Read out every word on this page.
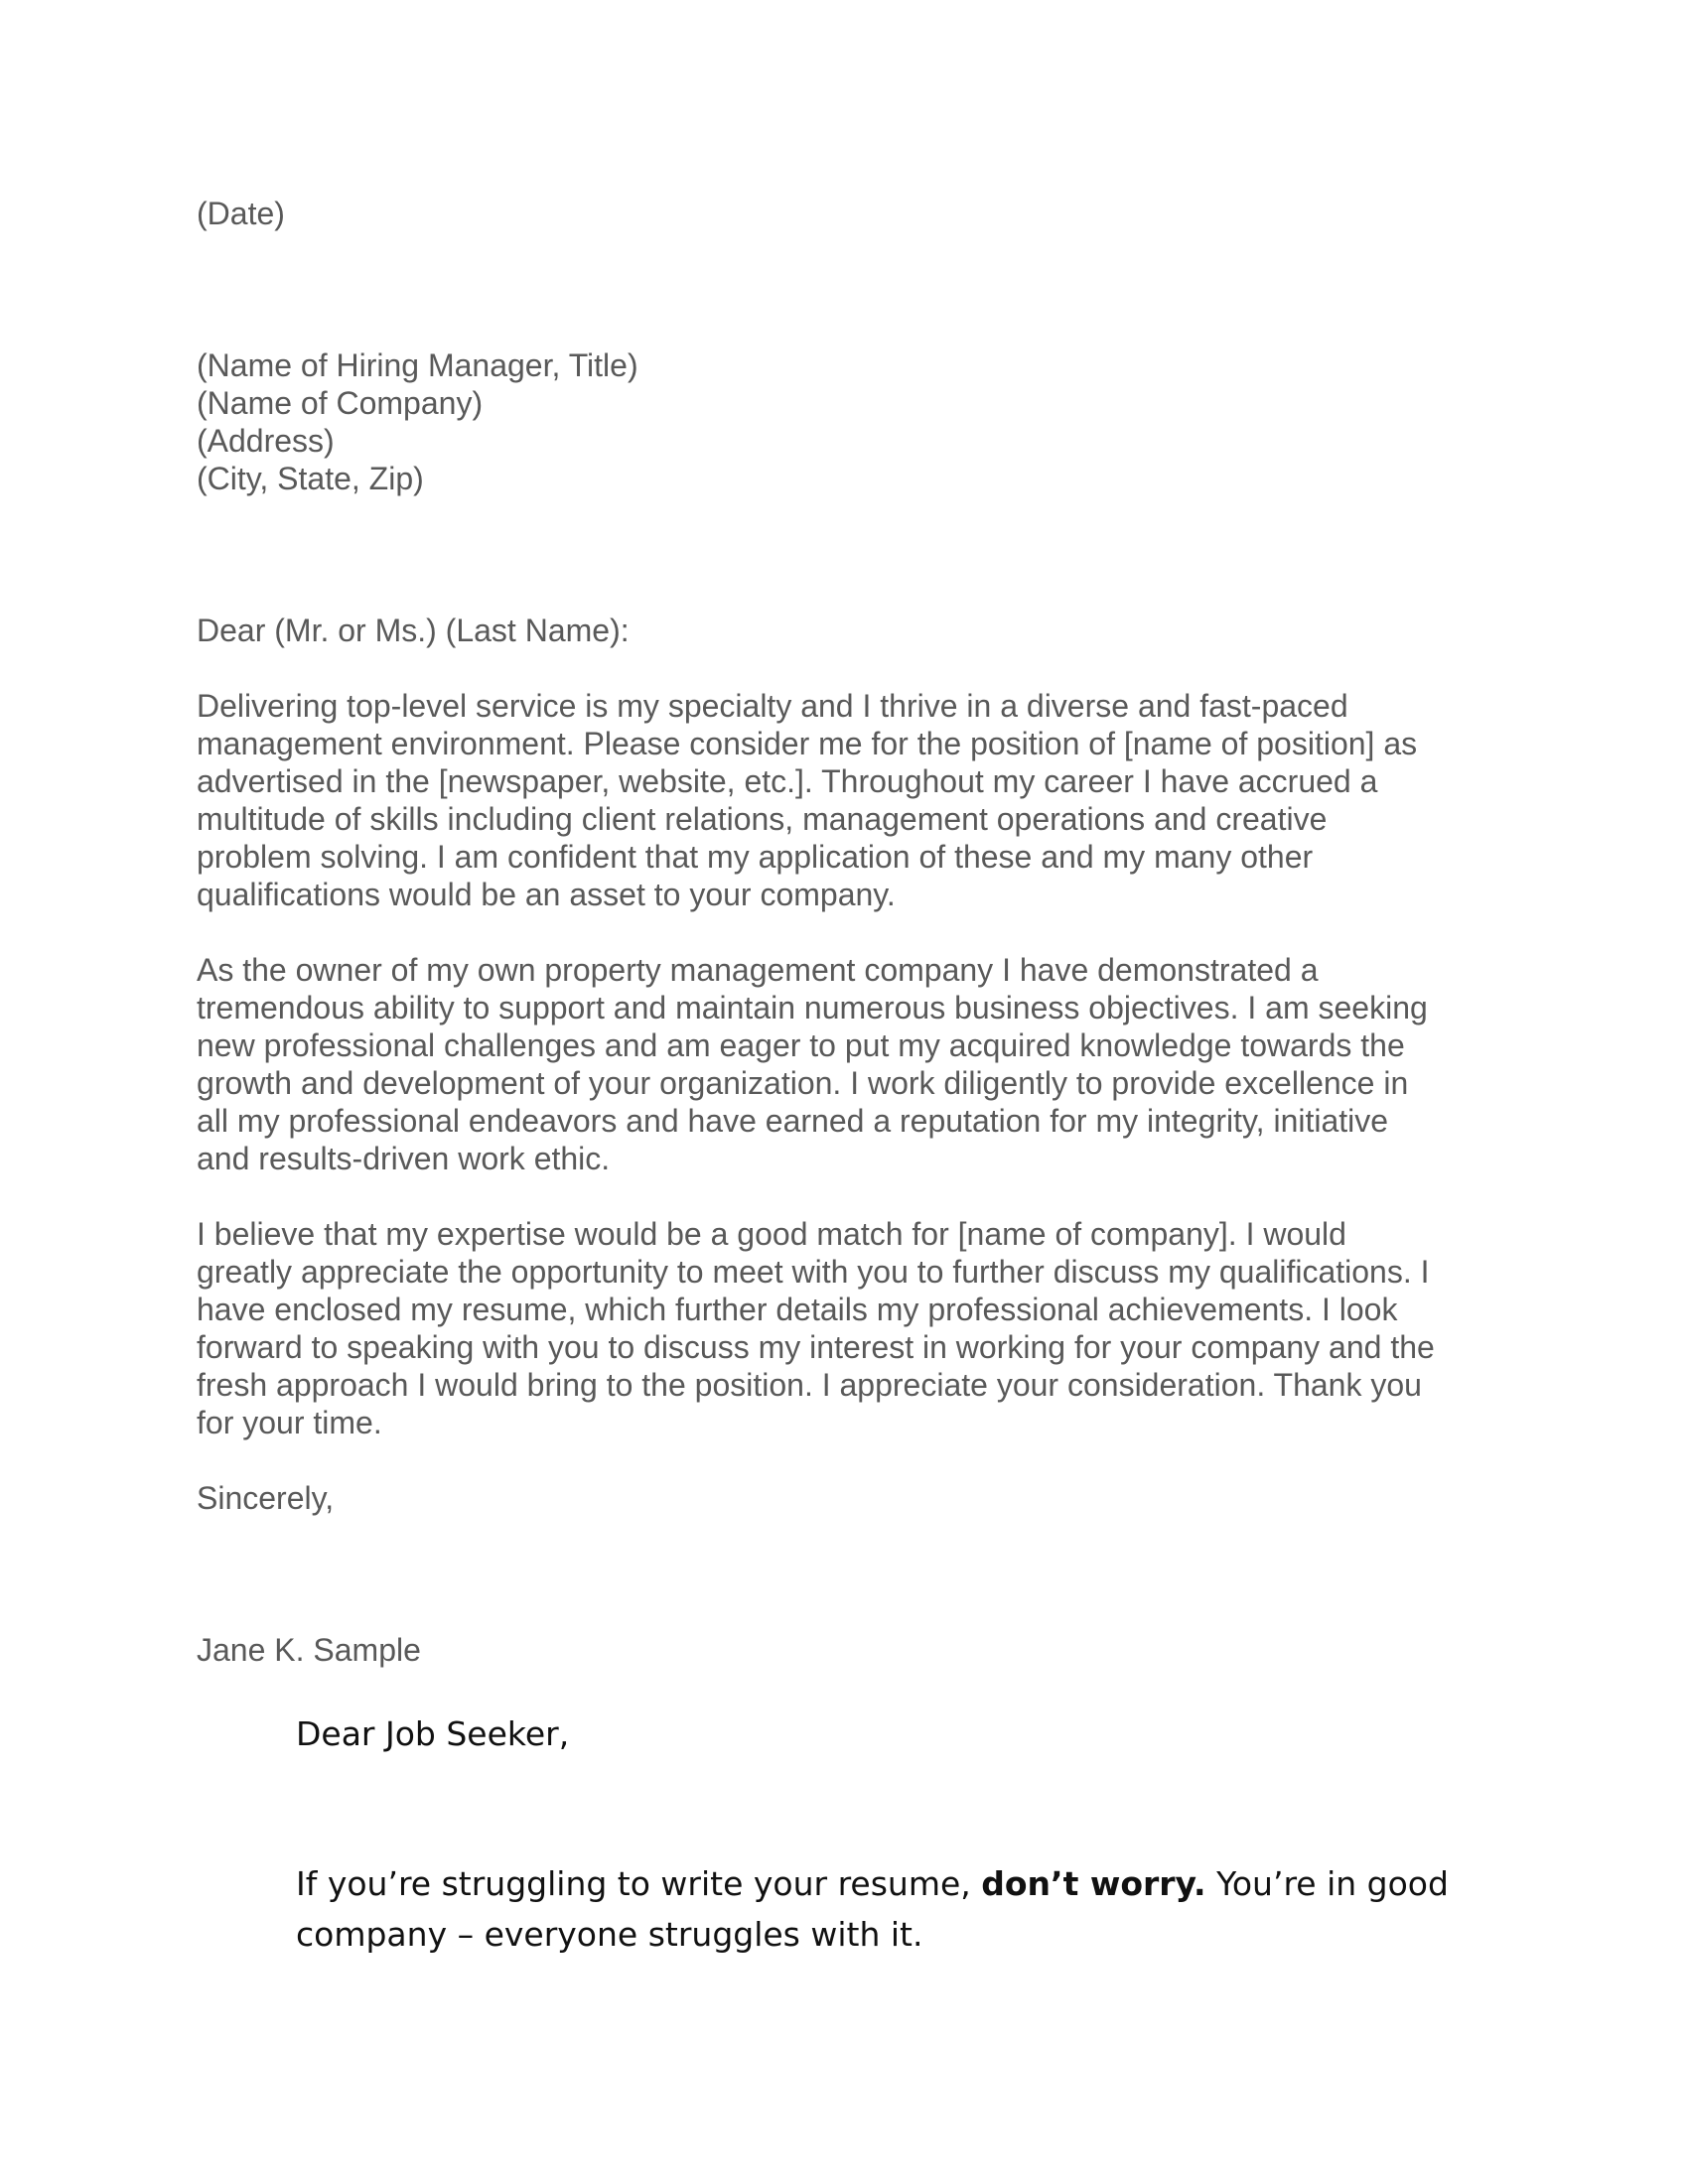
(Date)

(Name of Hiring Manager, Title)
(Name of Company)
(Address)
(City, State, Zip)

Dear (Mr. or Ms.) (Last Name):

Delivering top-level service is my specialty and I thrive in a diverse and fast-paced
management environment. Please consider me for the position of [name of position] as
advertised in the [newspaper, website, etc.]. Throughout my career I have accrued a
multitude of skills including client relations, management operations and creative
problem solving. I am confident that my application of these and my many other
qualifications would be an asset to your company.

As the owner of my own property management company I have demonstrated a
tremendous ability to support and maintain numerous business objectives. I am seeking
new professional challenges and am eager to put my acquired knowledge towards the
growth and development of your organization. I work diligently to provide excellence in
all my professional endeavors and have earned a reputation for my integrity, initiative
and results-driven work ethic.

I believe that my expertise would be a good match for [name of company]. I would
greatly appreciate the opportunity to meet with you to further discuss my qualifications. I
have enclosed my resume, which further details my professional achievements. I look
forward to speaking with you to discuss my interest in working for your company and the
fresh approach I would bring to the position. I appreciate your consideration. Thank you
for your time.

Sincerely,

Jane K. Sample

Dear Job Seeker,

If you’re struggling to write your resume, don’t worry. You’re in good
company – everyone struggles with it.
